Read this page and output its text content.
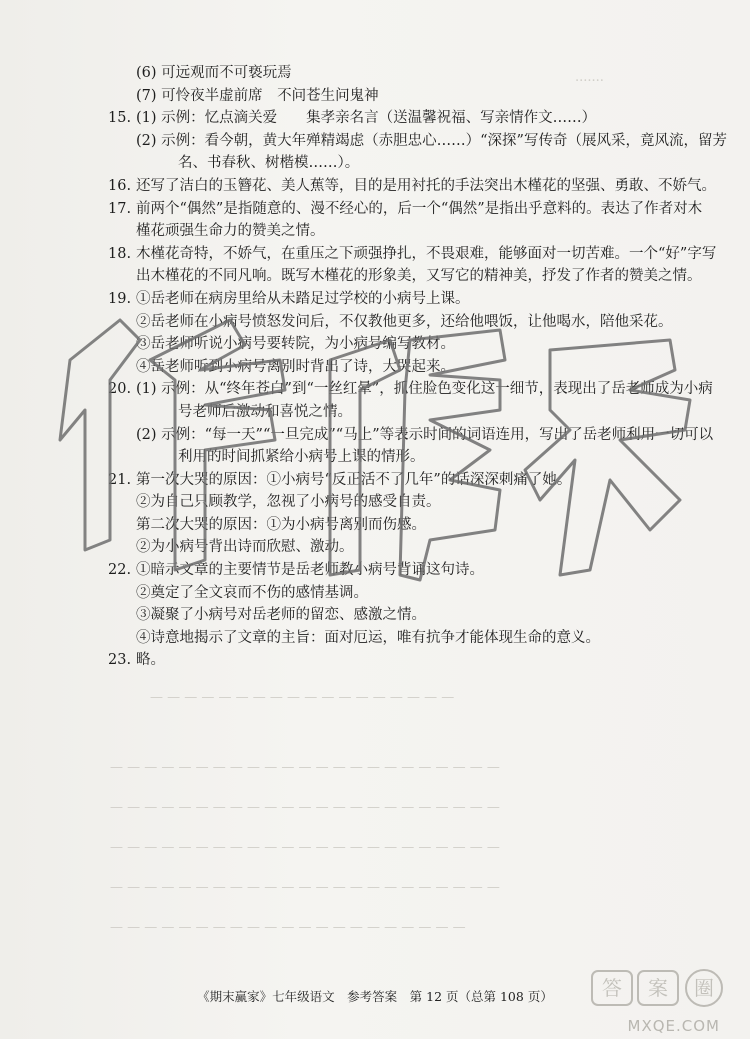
.......
— — — — — — — — — — — — — — — — — —
— — — — — — — — — — — — — — — — — — — — — — —
— — — — — — — — — — — — — — — — — — — — — — —
— — — — — — — — — — — — — — — — — — — — — — —
— — — — — — — — — — — — — — — — — — — — — — —
— — — — — — — — — — — — — — — — — — — — —
(6) 可远观而不可亵玩焉
(7) 可怜夜半虚前席　不问苍生问鬼神
15. (1) 示例：忆点滴关爱　　集孝亲名言（送温馨祝福、写亲情作文……）
(2) 示例：看今朝，黄大年殚精竭虑（赤胆忠心……）“深探”写传奇（展风采，竟风流，留芳
名、书春秋、树楷模……）。
16. 还写了洁白的玉簪花、美人蕉等，目的是用衬托的手法突出木槿花的坚强、勇敢、不娇气。
17. 前两个“偶然”是指随意的、漫不经心的，后一个“偶然”是指出乎意料的。表达了作者对木
槿花顽强生命力的赞美之情。
18. 木槿花奇特，不娇气，在重压之下顽强挣扎，不畏艰难，能够面对一切苦难。一个“好”字写
出木槿花的不同凡响。既写木槿花的形象美，又写它的精神美，抒发了作者的赞美之情。
19. ①岳老师在病房里给从未踏足过学校的小病号上课。
②岳老师在小病号愤怒发问后，不仅教他更多，还给他喂饭，让他喝水，陪他采花。
③岳老师听说小病号要转院，为小病号编写教材。
④岳老师听到小病号离别时背出了诗，大哭起来。
20. (1) 示例：从“终年苍白”到“一丝红晕”，抓住脸色变化这一细节，表现出了岳老师成为小病
号老师后激动和喜悦之情。
(2) 示例：“每一天”“一旦完成”“马上”等表示时间的词语连用，写出了岳老师利用一切可以
利用的时间抓紧给小病号上课的情形。
21. 第一次大哭的原因：①小病号“反正活不了几年”的话深深刺痛了她。
②为自己只顾教学，忽视了小病号的感受自责。
第二次大哭的原因：①为小病号离别而伤感。
②为小病号背出诗而欣慰、激动。
22. ①暗示文章的主要情节是岳老师教小病号背诵这句诗。
②奠定了全文哀而不伤的感情基调。
③凝聚了小病号对岳老师的留恋、感激之情。
④诗意地揭示了文章的主旨：面对厄运，唯有抗争才能体现生命的意义。
23. 略。
《期末赢家》七年级语文　参考答案　第 12 页（总第 108 页）	答 案 圈
MXQE.COM
